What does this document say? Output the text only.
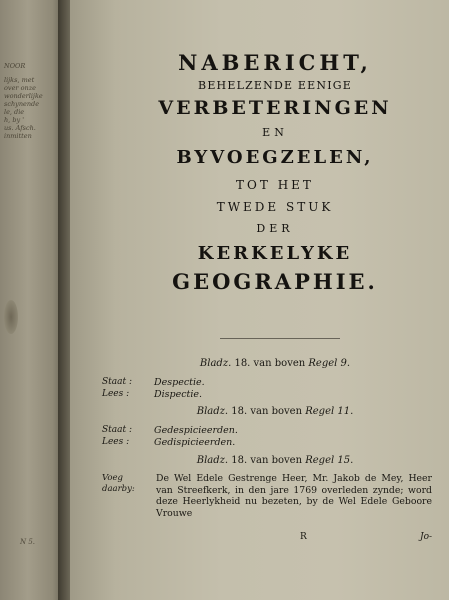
NOOR
lijks, met
over onze
wonderlijke
schynende
le, die
h, by '
us. Afsch.
inmitten
N 5.

NABERICHT,

BEHELZENDE EENIGE

VERBETERINGEN

EN

BYVOEGZELEN,

TOT HET

TWEDE STUK

DER

KERKELYKE

GEOGRAPHIE.

Bladz. 18. van boven Regel 9.
Staat :	Despectie.
Lees :	Dispectie.
Bladz. 18. van boven Regel 11.
Staat :	Gedespicieerden.
Lees :	Gedispicieerden.
Bladz. 18. van boven Regel 15.
Voeg
daarby:
De Wel Edele Gestrenge Heer, Mr. Jakob de Mey, Heer van Streefkerk, in den jare 1769 overleden zynde; word deze Heerlykheid nu bezeten, by de Wel Edele Geboore Vrouwe
R	Jo-
